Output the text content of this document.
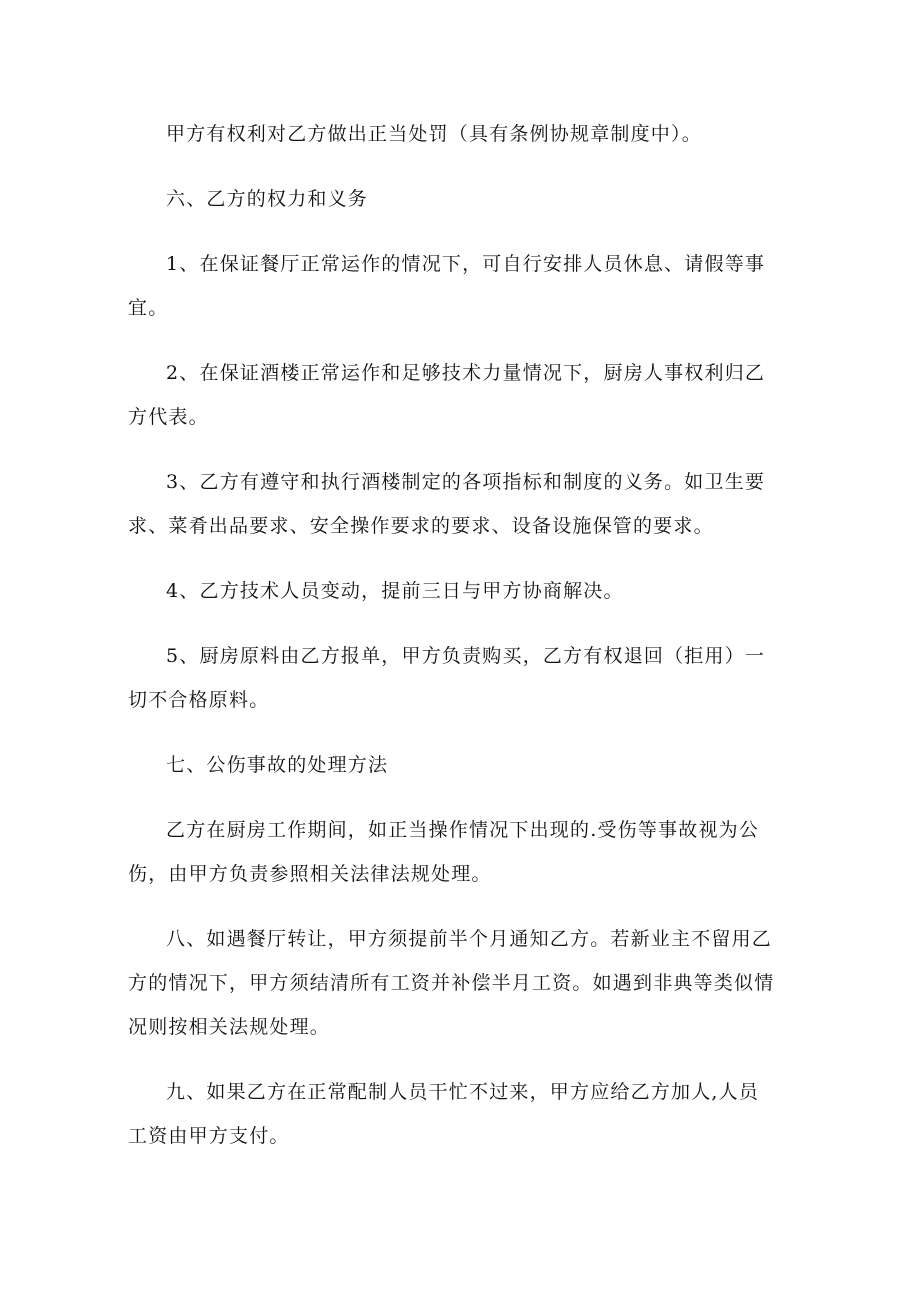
甲方有权利对乙方做出正当处罚（具有条例协规章制度中）。

六、乙方的权力和义务

1、在保证餐厅正常运作的情况下，可自行安排人员休息、请假等事宜。

2、在保证酒楼正常运作和足够技术力量情况下，厨房人事权利归乙方代表。

3、乙方有遵守和执行酒楼制定的各项指标和制度的义务。如卫生要求、菜肴出品要求、安全操作要求的要求、设备设施保管的要求。

4、乙方技术人员变动，提前三日与甲方协商解决。

5、厨房原料由乙方报单，甲方负责购买，乙方有权退回（拒用）一切不合格原料。

七、公伤事故的处理方法

乙方在厨房工作期间，如正当操作情况下出现的.受伤等事故视为公伤，由甲方负责参照相关法律法规处理。

八、如遇餐厅转让，甲方须提前半个月通知乙方。若新业主不留用乙方的情况下，甲方须结清所有工资并补偿半月工资。如遇到非典等类似情况则按相关法规处理。

九、如果乙方在正常配制人员干忙不过来，甲方应给乙方加人,人员工资由甲方支付。
